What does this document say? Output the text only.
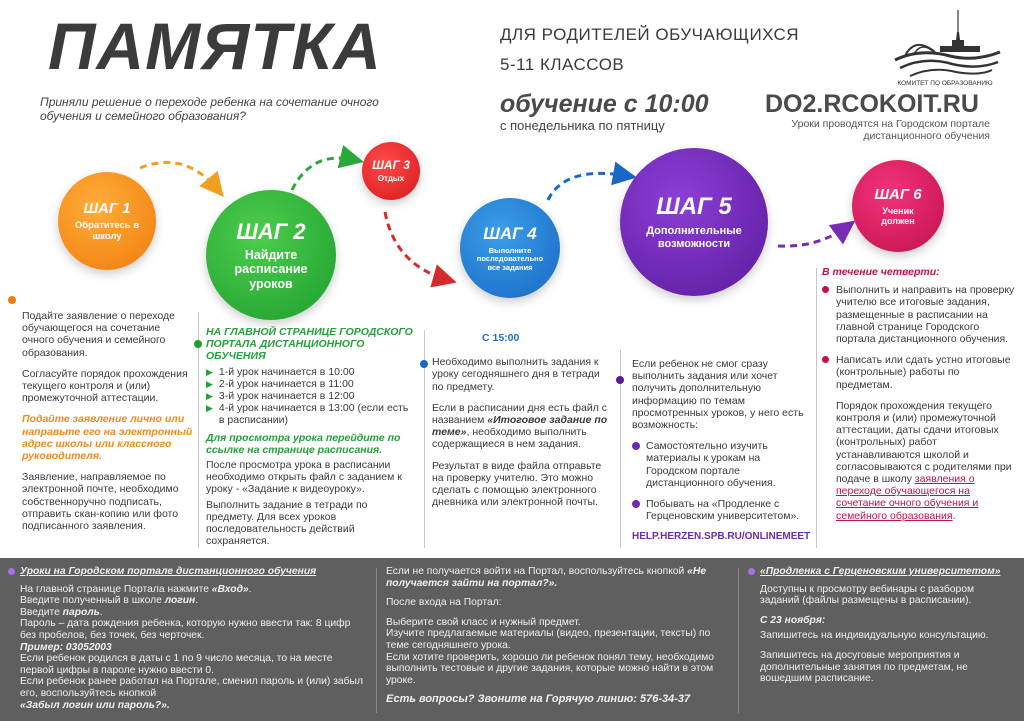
ПАМЯТКА	ДЛЯ РОДИТЕЛЕЙ ОБУЧАЮЩИХСЯ
5-11 КЛАССОВ
КОМИТЕТ ПО ОБРАЗОВАНИЮ
Приняли решение о переходе ребенка на сочетание очного обучения и семейного образования?	обучение с 10:00
с понедельника по пятницу
DO2.RCOKOIT.RU
Уроки проводятся на Городском портале дистанционного обучения
ШАГ 1
Обратитесь в школу	ШАГ 2
Найдите расписание уроков
ШАГ 3
Отдых
ШАГ 4
Выполните последовательно все задания
ШАГ 5
Дополнительные возможности
ШАГ 6
Ученик должен

Подайте заявление о переходе обучающегося на сочетание очного обучения и семейного образования.

Согласуйте порядок прохождения текущего контроля и (или) промежуточной аттестации.

Подайте заявление лично или направьте его на электронный адрес школы или классного руководителя.

Заявление, направляемое по электронной почте, необходимо собственноручно подписать, отправить скан-копию или фото подписанного заявления.

НА ГЛАВНОЙ СТРАНИЦЕ ГОРОДСКОГО ПОРТАЛА ДИСТАНЦИОННОГО ОБУЧЕНИЯ

▶ 1-й урок начинается в 10:00
▶ 2-й урок начинается в 11:00
▶ 3-й урок начинается в 12:00
▶ 4-й урок начинается в 13:00 (если есть в расписании)

Для просмотра урока перейдите по ссылке на странице расписания.

После просмотра урока в расписании необходимо открыть файл с заданием к уроку - «Задание к видеоуроку».

Выполнить задание в тетради по предмету. Для всех уроков последовательность действий сохраняется.

С 15:00

Необходимо выполнить задания к уроку сегодняшнего дня в тетради по предмету.

Если в расписании дня есть файл с названием «Итоговое задание по теме», необходимо выполнить содержащиеся в нем задания.

Результат в виде файла отправьте на проверку учителю. Это можно сделать с помощью электронного дневника или электронной почты.

Если ребенок не смог сразу выполнить задания или хочет получить дополнительную информацию по темам просмотренных уроков, у него есть возможность:

Самостоятельно изучить материалы к урокам на Городском портале дистанционного обучения.
Побывать на «Продленке с Герценовским университетом».

HELP.HERZEN.SPB.RU/ONLINEMEET

В течение четверти:

Выполнить и направить на проверку учителю все итоговые задания, размещенные в расписании на главной странице Городского портала дистанционного обучения.
Написать или сдать устно итоговые (контрольные) работы по предметам.

Порядок прохождения текущего контроля и (или) промежуточной аттестации, даты сдачи итоговых (контрольных) работ устанавливаются школой и согласовываются с родителями при подаче в школу заявления о переходе обучающегося на сочетание очного обучения и семейного образования.

Уроки на Городском портале дистанционного обучения

На главной странице Портала нажмите «Вход».
Введите полученный в школе логин.
Введите пароль.
Пароль – дата рождения ребенка, которую нужно ввести так: 8 цифр без пробелов, без точек, без черточек.
Пример: 03052003
Если ребенок родился в даты с 1 по 9 число месяца, то на месте первой цифры в пароле нужно ввести 0.
Если ребенок ранее работал на Портале, сменил пароль и (или) забыл его, воспользуйтесь кнопкой
«Забыл логин или пароль?».

Если не получается войти на Портал, воспользуйтесь кнопкой «Не получается зайти на портал?».

После входа на Портал:

Выберите свой класс и нужный предмет.
Изучите предлагаемые материалы (видео, презентации, тексты) по теме сегодняшнего урока.

Если хотите проверить, хорошо ли ребенок понял тему, необходимо выполнить тестовые и другие задания, которые можно найти в этом уроке.

Есть вопросы? Звоните на Горячую линию: 576-34-37

«Продленка с Герценовским университетом»

Доступны к просмотру вебинары с разбором заданий (файлы размещены в расписании).

С 23 ноября:

Запишитесь на индивидуальную консультацию.

Запишитесь на досуговые мероприятия и дополнительные занятия по предметам, не вошедшим расписание.
